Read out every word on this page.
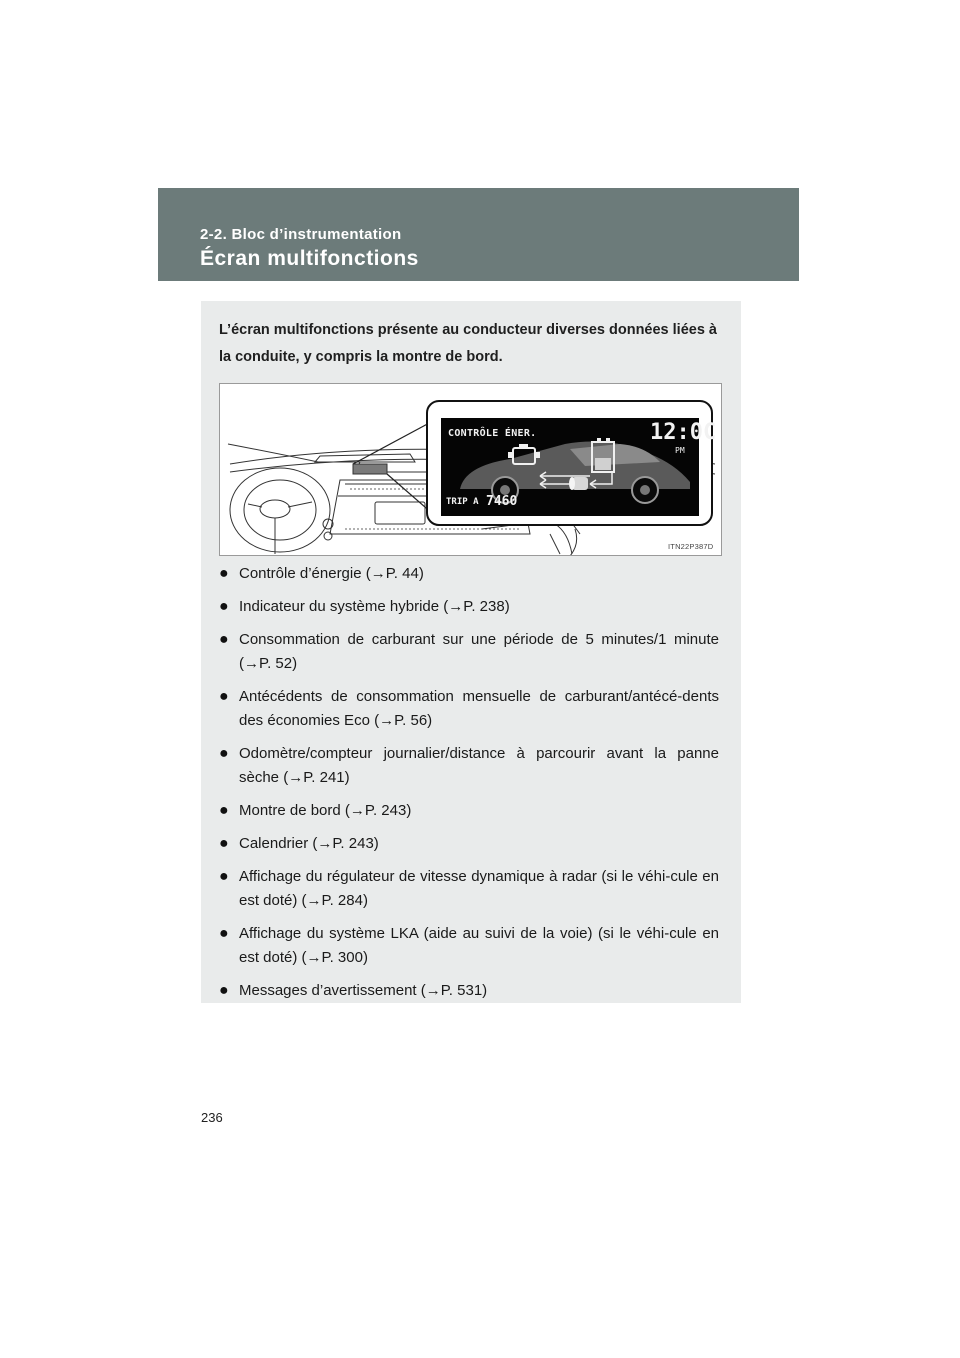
2-2. Bloc d’instrumentation
Écran multifonctions
L’écran multifonctions présente au conducteur diverses données liées à la conduite, y compris la montre de bord.
CONTRÔLE ÉNER.	12:0C
PM
TRIP A 7460
ITN22P387D
● Contrôle d’énergie (→P. 44)
● Indicateur du système hybride (→P. 238)
● Consommation de carburant sur une période de 5 minutes/1 minute (→P. 52)
● Antécédents de consommation mensuelle de carburant/antécé-dents des économies Eco (→P. 56)
● Odomètre/compteur journalier/distance à parcourir avant la panne sèche (→P. 241)
● Montre de bord (→P. 243)
● Calendrier (→P. 243)
● Affichage du régulateur de vitesse dynamique à radar (si le véhi-cule en est doté) (→P. 284)
● Affichage du système LKA (aide au suivi de la voie) (si le véhi-cule en est doté) (→P. 300)
● Messages d’avertissement (→P. 531)
236
